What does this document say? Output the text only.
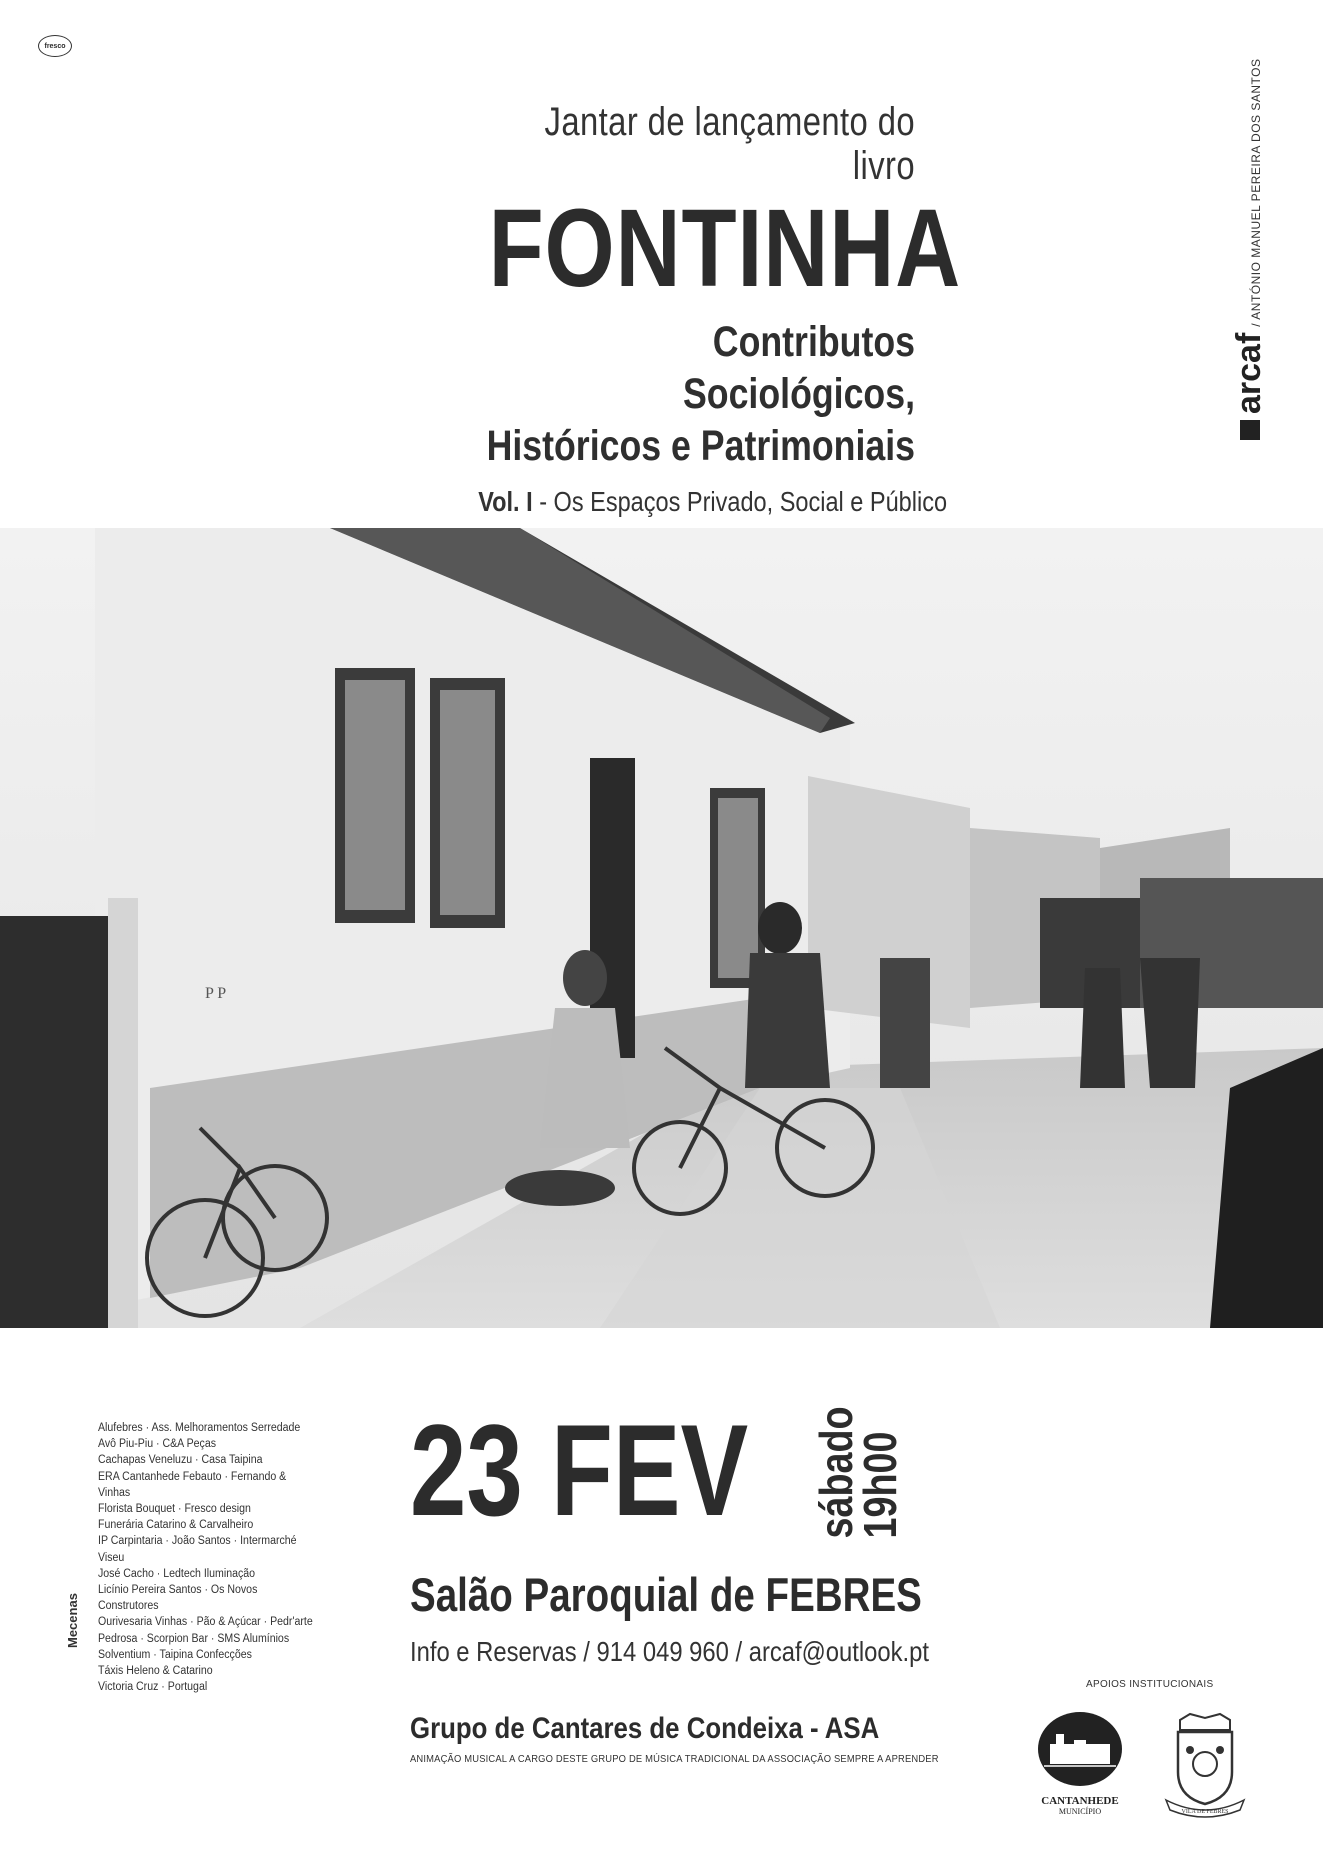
fresco
Jantar de lançamento do livro
FONTINHA
Contributos Sociológicos,
Históricos e Patrimoniais
Vol. I - Os Espaços Privado, Social e Público
arcaf
/ ANTÓNIO MANUEL PEREIRA DOS SANTOS
P P
Mecenas
Alufebres · Ass. Melhoramentos Serredade
Avô Piu-Piu · C&A Peças
Cachapas Veneluzu · Casa Taipina
ERA Cantanhede Febauto · Fernando & Vinhas
Florista Bouquet · Fresco design
Funerária Catarino & Carvalheiro
IP Carpintaria · João Santos · Intermarché Viseu
José Cacho · Ledtech Iluminação
Licínio Pereira Santos · Os Novos Construtores
Ourivesaria Vinhas · Pão & Açúcar · Pedr'arte
Pedrosa · Scorpion Bar · SMS Alumínios
Solventium · Taipina Confecções
Táxis Heleno & Catarino
Victoria Cruz · Portugal
23 FEV sábado
19h00
Salão Paroquial de FEBRES
Info e Reservas / 914 049 960 / arcaf@outlook.pt
APOIOS INSTITUCIONAIS
Grupo de Cantares de Condeixa - ASA
ANIMAÇÃO MUSICAL A CARGO DESTE GRUPO DE MÚSICA TRADICIONAL DA ASSOCIAÇÃO SEMPRE A APRENDER
CANTANHEDE
MUNICÍPIO	VILA DE FEBRES
